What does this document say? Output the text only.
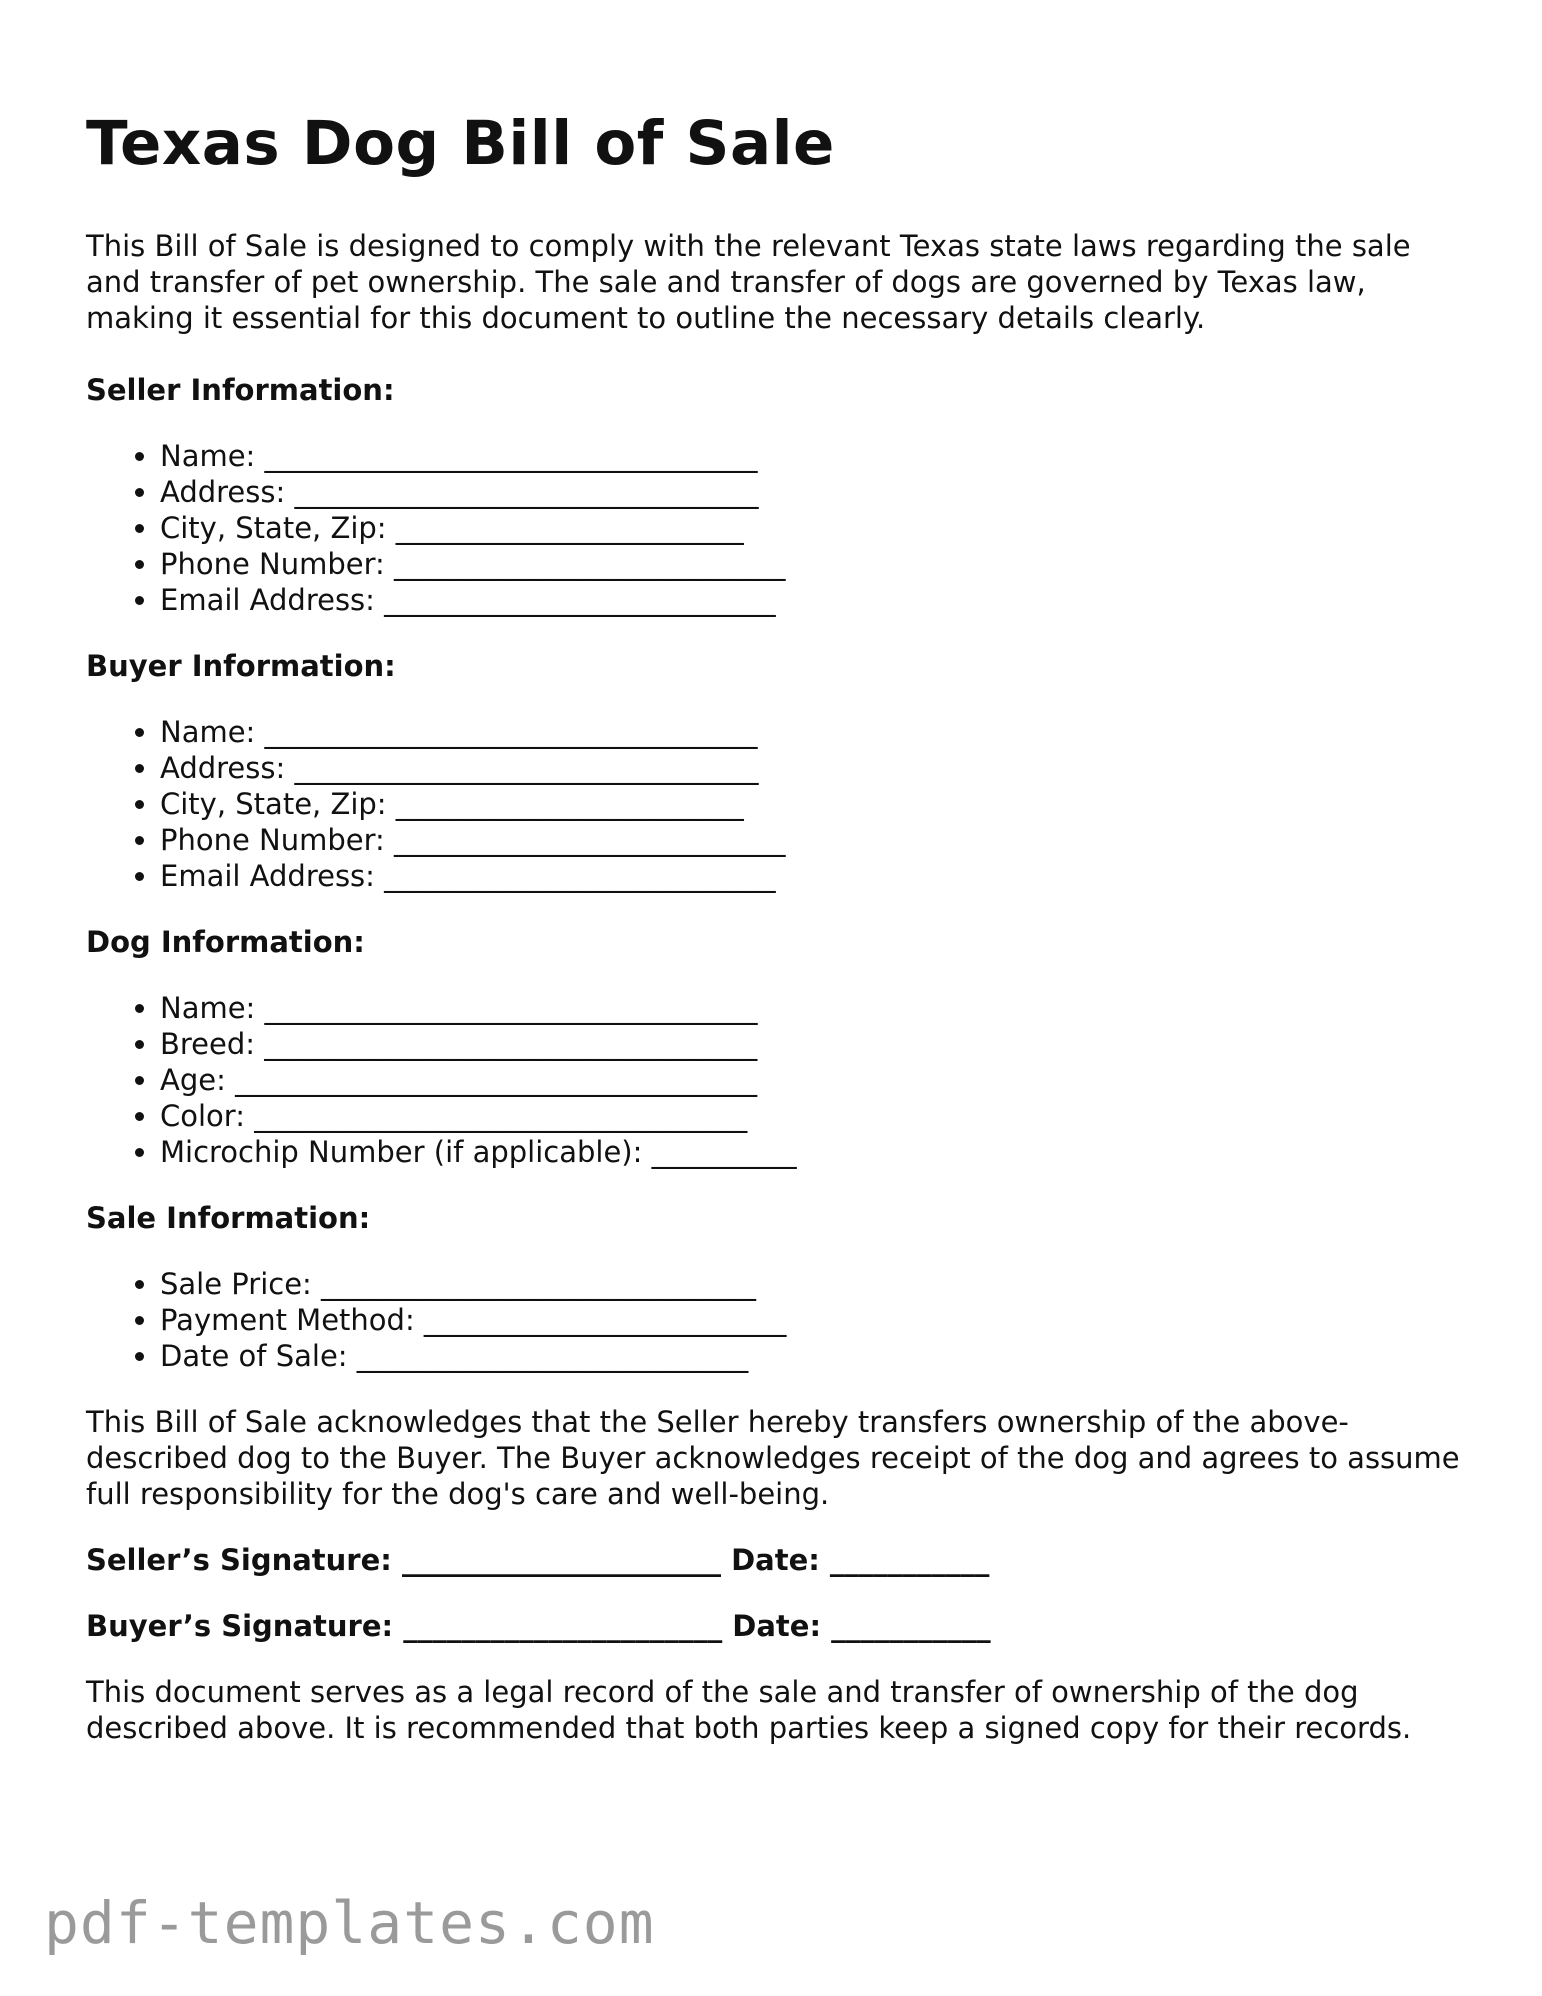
Texas Dog Bill of Sale

This Bill of Sale is designed to comply with the relevant Texas state laws regarding the sale and transfer of pet ownership. The sale and transfer of dogs are governed by Texas law, making it essential for this document to outline the necessary details clearly.

Seller Information:
• Name: __________________________________
• Address: ________________________________
• City, State, Zip: ________________________
• Phone Number: ___________________________
• Email Address: ___________________________
Buyer Information:
• Name: __________________________________
• Address: ________________________________
• City, State, Zip: ________________________
• Phone Number: ___________________________
• Email Address: ___________________________
Dog Information:
• Name: __________________________________
• Breed: __________________________________
• Age: ____________________________________
• Color: __________________________________
• Microchip Number (if applicable): __________
Sale Information:
• Sale Price: ______________________________
• Payment Method: _________________________
• Date of Sale: ___________________________

This Bill of Sale acknowledges that the Seller hereby transfers ownership of the above-described dog to the Buyer. The Buyer acknowledges receipt of the dog and agrees to assume full responsibility for the dog's care and well-being.

Seller’s Signature: ______________________ Date: ___________
Buyer’s Signature: ______________________ Date: ___________

This document serves as a legal record of the sale and transfer of ownership of the dog described above. It is recommended that both parties keep a signed copy for their records.

pdf-templates.com
